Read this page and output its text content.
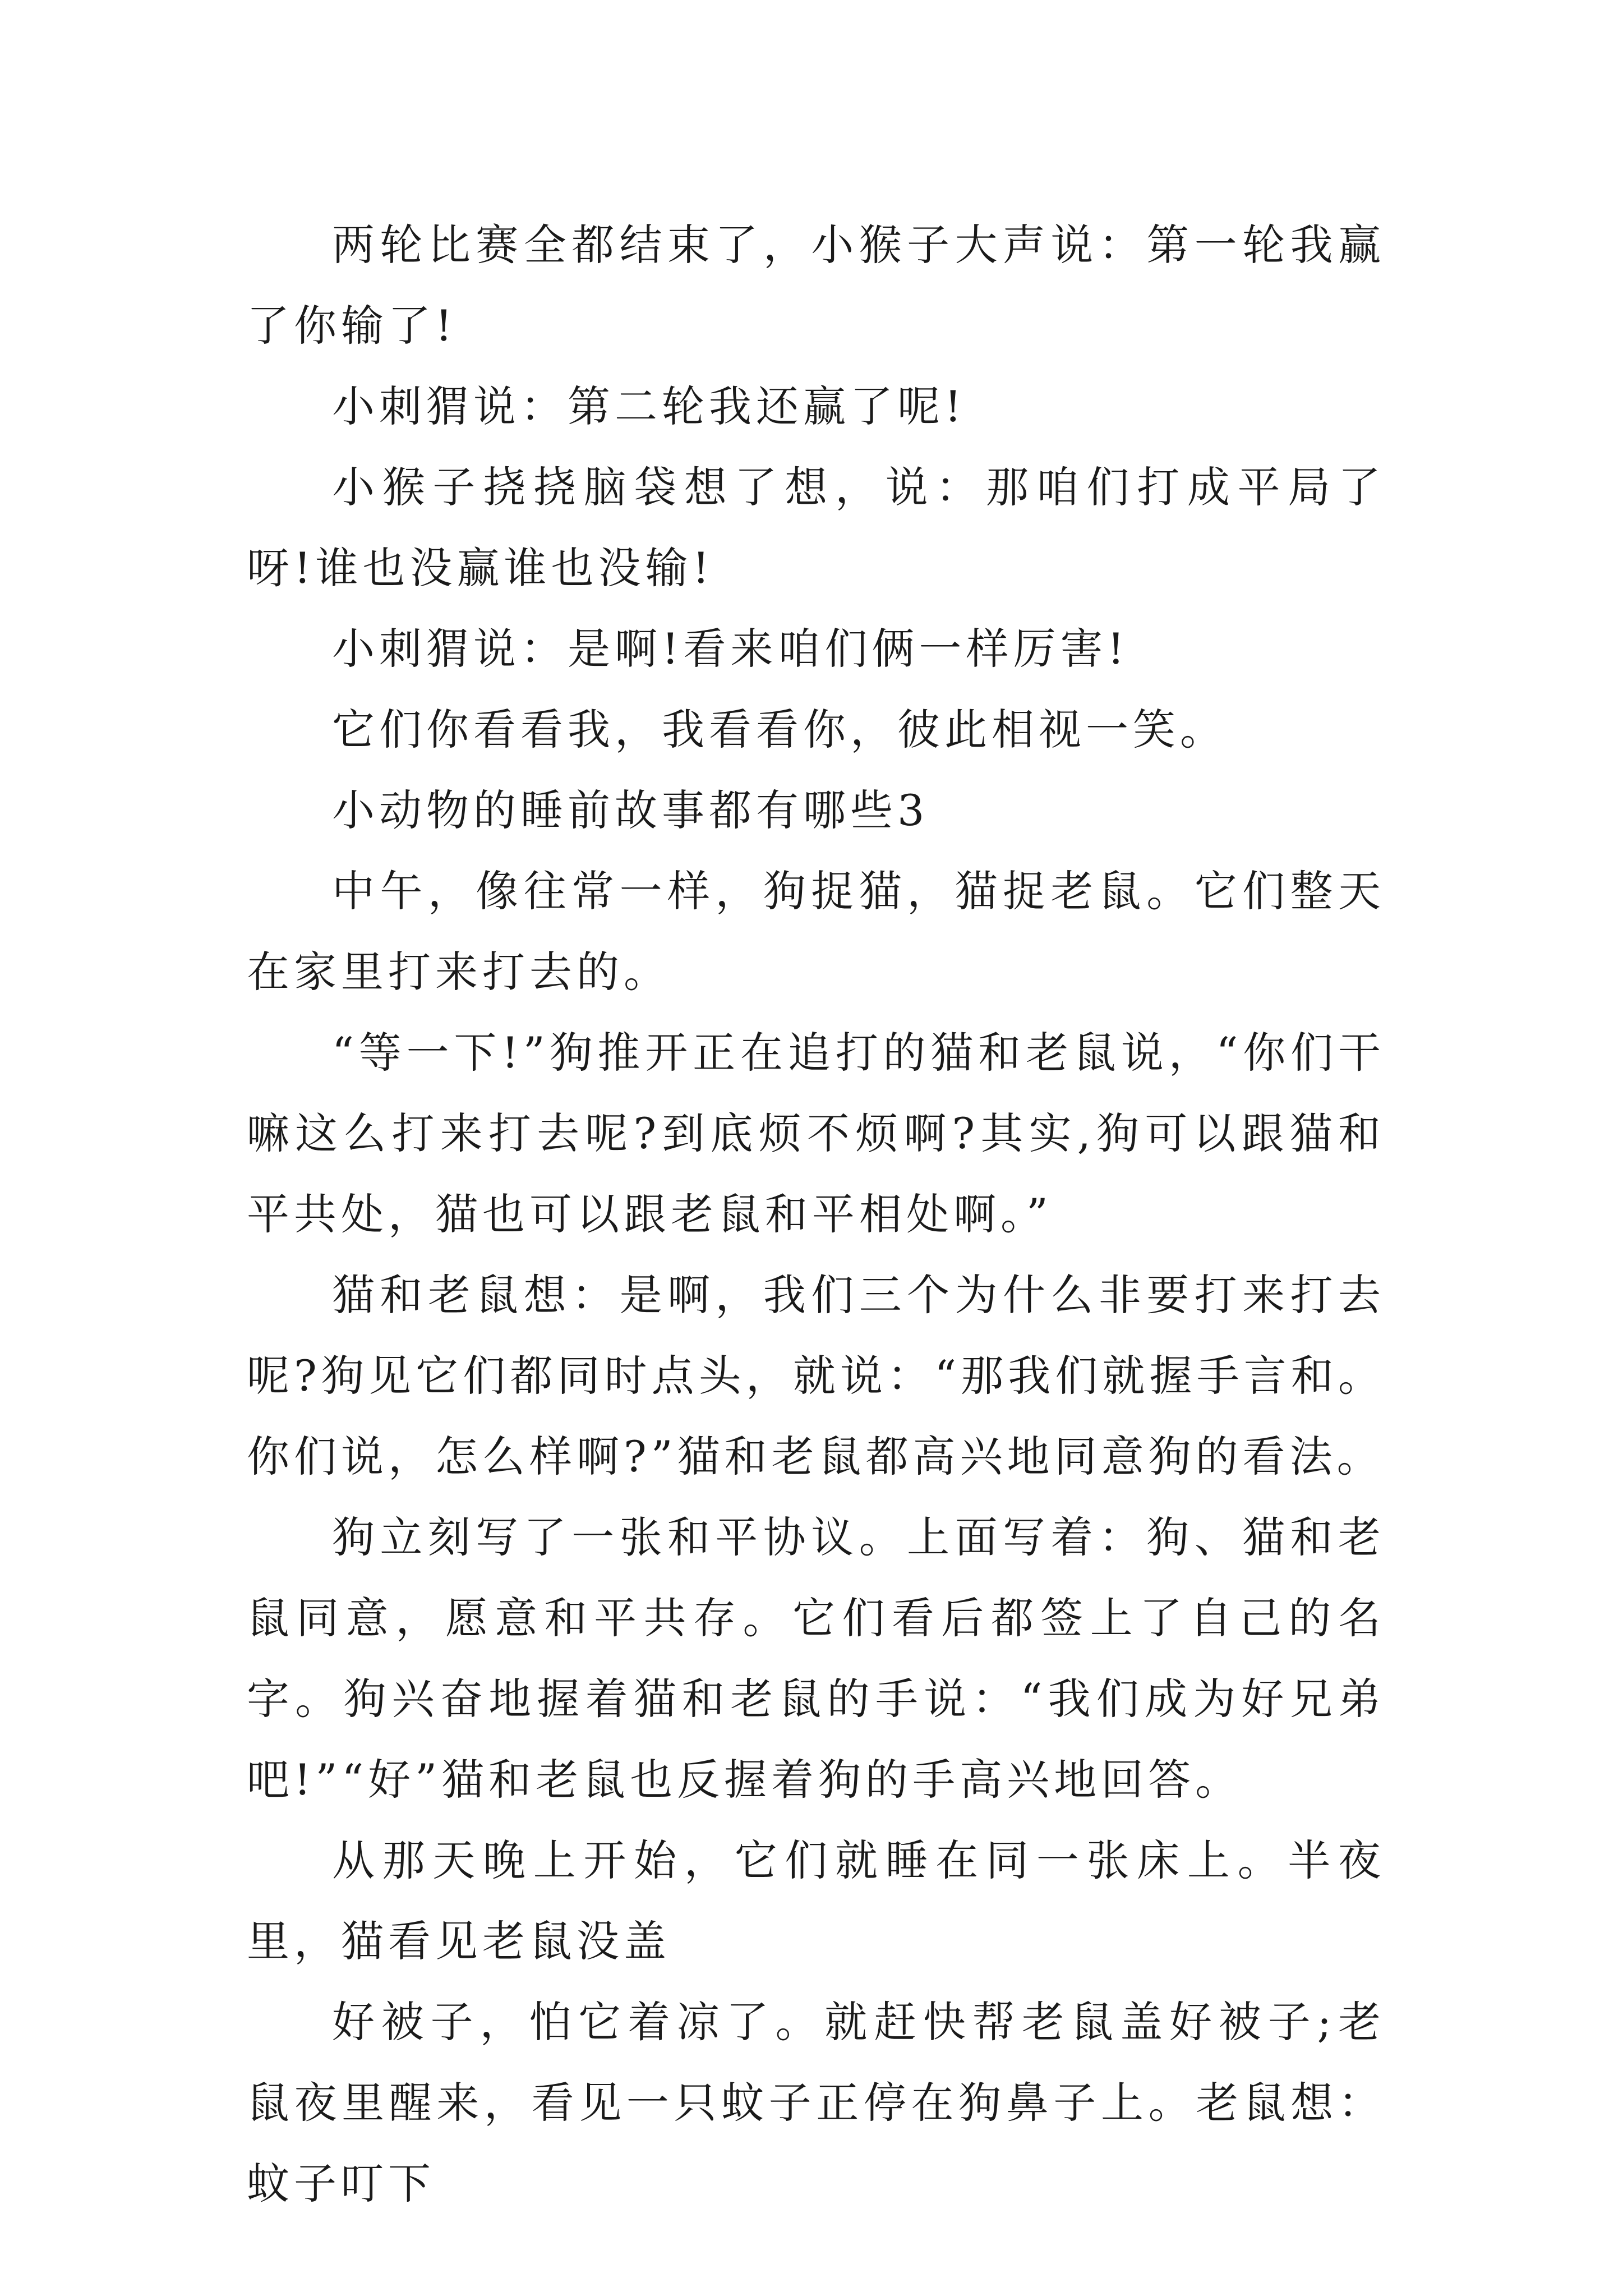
两轮比赛全都结束了，小猴子大声说：第一轮我赢了你输了!

小刺猬说：第二轮我还赢了呢!

小猴子挠挠脑袋想了想，说：那咱们打成平局了呀!谁也没赢谁也没输!

小刺猬说：是啊!看来咱们俩一样厉害!

它们你看看我，我看看你，彼此相视一笑。

小动物的睡前故事都有哪些3

中午，像往常一样，狗捉猫，猫捉老鼠。它们整天在家里打来打去的。

“等一下!”狗推开正在追打的猫和老鼠说，“你们干嘛这么打来打去呢?到底烦不烦啊?其实,狗可以跟猫和平共处，猫也可以跟老鼠和平相处啊。”

猫和老鼠想：是啊，我们三个为什么非要打来打去呢?狗见它们都同时点头，就说：“那我们就握手言和。你们说，怎么样啊?”猫和老鼠都高兴地同意狗的看法。

狗立刻写了一张和平协议。上面写着：狗、猫和老鼠同意，愿意和平共存。它们看后都签上了自己的名字。狗兴奋地握着猫和老鼠的手说：“我们成为好兄弟吧!”“好”猫和老鼠也反握着狗的手高兴地回答。

从那天晚上开始，它们就睡在同一张床上。半夜里，猫看见老鼠没盖

好被子，怕它着凉了。就赶快帮老鼠盖好被子;老鼠夜里醒来，看见一只蚊子正停在狗鼻子上。老鼠想：蚊子叮下
